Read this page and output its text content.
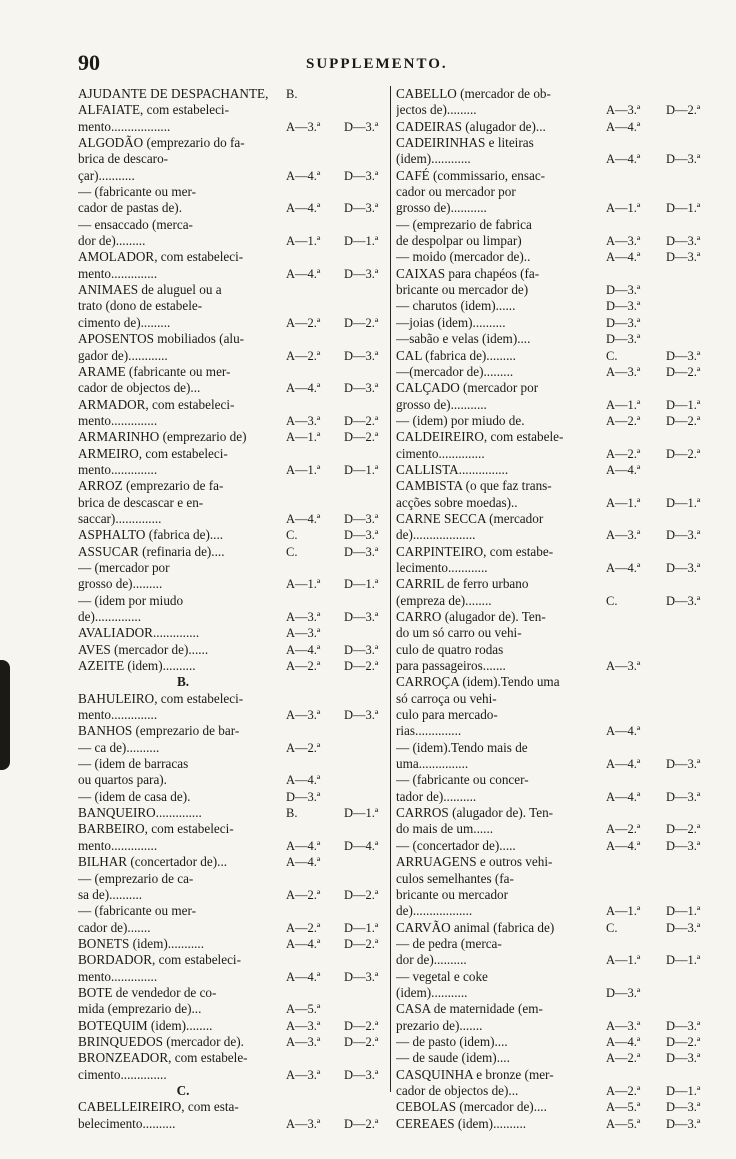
90	SUPPLEMENTO.
AJUDANTE DE DESPACHANTE,	B.
ALFAIATE, com estabeleci-
mento..................	A—3.ª D—3.ª
ALGODÃO (emprezario do fa-
brica de descaro-
çar)...........	A—4.ª D—3.ª
— (fabricante ou mer-
cador de pastas de).	A—4.ª D—3.ª
— ensaccado (merca-
dor de).........	A—1.ª D—1.ª
AMOLADOR, com estabeleci-
mento..............	A—4.ª D—3.ª
ANIMAES de aluguel ou a
trato (dono de estabele-
cimento de).........	A—2.ª D—2.ª
APOSENTOS mobiliados (alu-
gador de)............	A—2.ª D—3.ª
ARAME (fabricante ou mer-
cador de objectos de)...	A—4.ª D—3.ª
ARMADOR, com estabeleci-
mento..............	A—3.ª D—2.ª
ARMARINHO (emprezario de)	A—1.ª D—2.ª
ARMEIRO, com estabeleci-
mento..............	A—1.ª D—1.ª
ARROZ (emprezario de fa-
brica de descascar e en-
saccar)..............	A—4.ª D—3.ª
ASPHALTO (fabrica de)....	C.	D—3.ª
ASSUCAR (refinaria de)....	C.	D—3.ª
— (mercador por
grosso de).........	A—1.ª D—1.ª
— (idem por miudo
de)..............	A—3.ª D—3.ª
AVALIADOR..............	A—3.ª
AVES (mercador de)......	A—4.ª D—3.ª
AZEITE (idem)..........	A—2.ª D—2.ª
B.
BAHULEIRO, com estabeleci-
mento..............	A—3.ª D—3.ª
BANHOS (emprezario de bar-
— ca de)..........	A—2.ª
— (idem de barracas
ou quartos para).	A—4.ª
— (idem de casa de).	D—3.ª
BANQUEIRO..............	B.	D—1.ª
BARBEIRO, com estabeleci-
mento..............	A—4.ª D—4.ª
BILHAR (concertador de)...	A—4.ª
— (emprezario de ca-
sa de)..........	A—2.ª D—2.ª
— (fabricante ou mer-
cador de).......	A—2.ª D—1.ª
BONETS (idem)...........	A—4.ª D—2.ª
BORDADOR, com estabeleci-
mento..............	A—4.ª D—3.ª
BOTE de vendedor de co-
mida (emprezario de)...	A—5.ª
BOTEQUIM (idem)........	A—3.ª D—2.ª
BRINQUEDOS (mercador de).	A—3.ª D—2.ª
BRONZEADOR, com estabele-
cimento..............	A—3.ª D—3.ª
C.
CABELLEIREIRO, com esta-
belecimento..........	A—3.ª D—2.ª
CABELLO (mercador de ob-
jectos de).........	A—3.ª D—2.ª
CADEIRAS (alugador de)...	A—4.ª
CADEIRINHAS e liteiras
(idem)............	A—4.ª D—3.ª
CAFÉ (commissario, ensac-
cador ou mercador por
grosso de)...........	A—1.ª D—1.ª
— (emprezario de fabrica
de despolpar ou limpar)	A—3.ª D—3.ª
— moido (mercador de)..	A—4.ª D—3.ª
CAIXAS para chapéos (fa-
bricante ou mercador de)	D—3.ª
— charutos (idem)......	D—3.ª
—joias (idem)..........	D—3.ª
—sabão e velas (idem)....	D—3.ª
CAL (fabrica de).........	C.	D—3.ª
—(mercador de).........	A—3.ª D—2.ª
CALÇADO (mercador por
grosso de)...........	A—1.ª D—1.ª
— (idem) por miudo de.	A—2.ª D—2.ª
CALDEIREIRO, com estabele-
cimento..............	A—2.ª D—2.ª
CALLISTA...............	A—4.ª
CAMBISTA (o que faz trans-
acções sobre moedas)..	A—1.ª D—1.ª
CARNE SECCA (mercador
de)...................	A—3.ª D—3.ª
CARPINTEIRO, com estabe-
lecimento............	A—4.ª D—3.ª
CARRIL de ferro urbano
(empreza de)........	C.	D—3.ª
CARRO (alugador de). Ten-
do um só carro ou vehi-
culo de quatro rodas
para passageiros.......	A—3.ª
CARROÇA (idem).Tendo uma
só carroça ou vehi-
culo para mercado-
rias..............	A—4.ª
— (idem).Tendo mais de
uma...............	A—4.ª D—3.ª
— (fabricante ou concer-
tador de)..........	A—4.ª D—3.ª
CARROS (alugador de). Ten-
do mais de um......	A—2.ª D—2.ª
— (concertador de).....	A—4.ª D—3.ª
ARRUAGENS e outros vehi-
culos semelhantes (fa-
bricante ou mercador
de)..................	A—1.ª D—1.ª
CARVÃO animal (fabrica de)	C.	D—3.ª
— de pedra (merca-
dor de)..........	A—1.ª D—1.ª
— vegetal e coke
(idem)...........	D—3.ª
CASA de maternidade (em-
prezario de).......	A—3.ª D—3.ª
— de pasto (idem)....	A—4.ª D—2.ª
— de saude (idem)....	A—2.ª D—3.ª
CASQUINHA e bronze (mer-
cador de objectos de)...	A—2.ª D—1.ª
CEBOLAS (mercador de)....	A—5.ª D—3.ª
CEREAES (idem)..........	A—5.ª D—3.ª
